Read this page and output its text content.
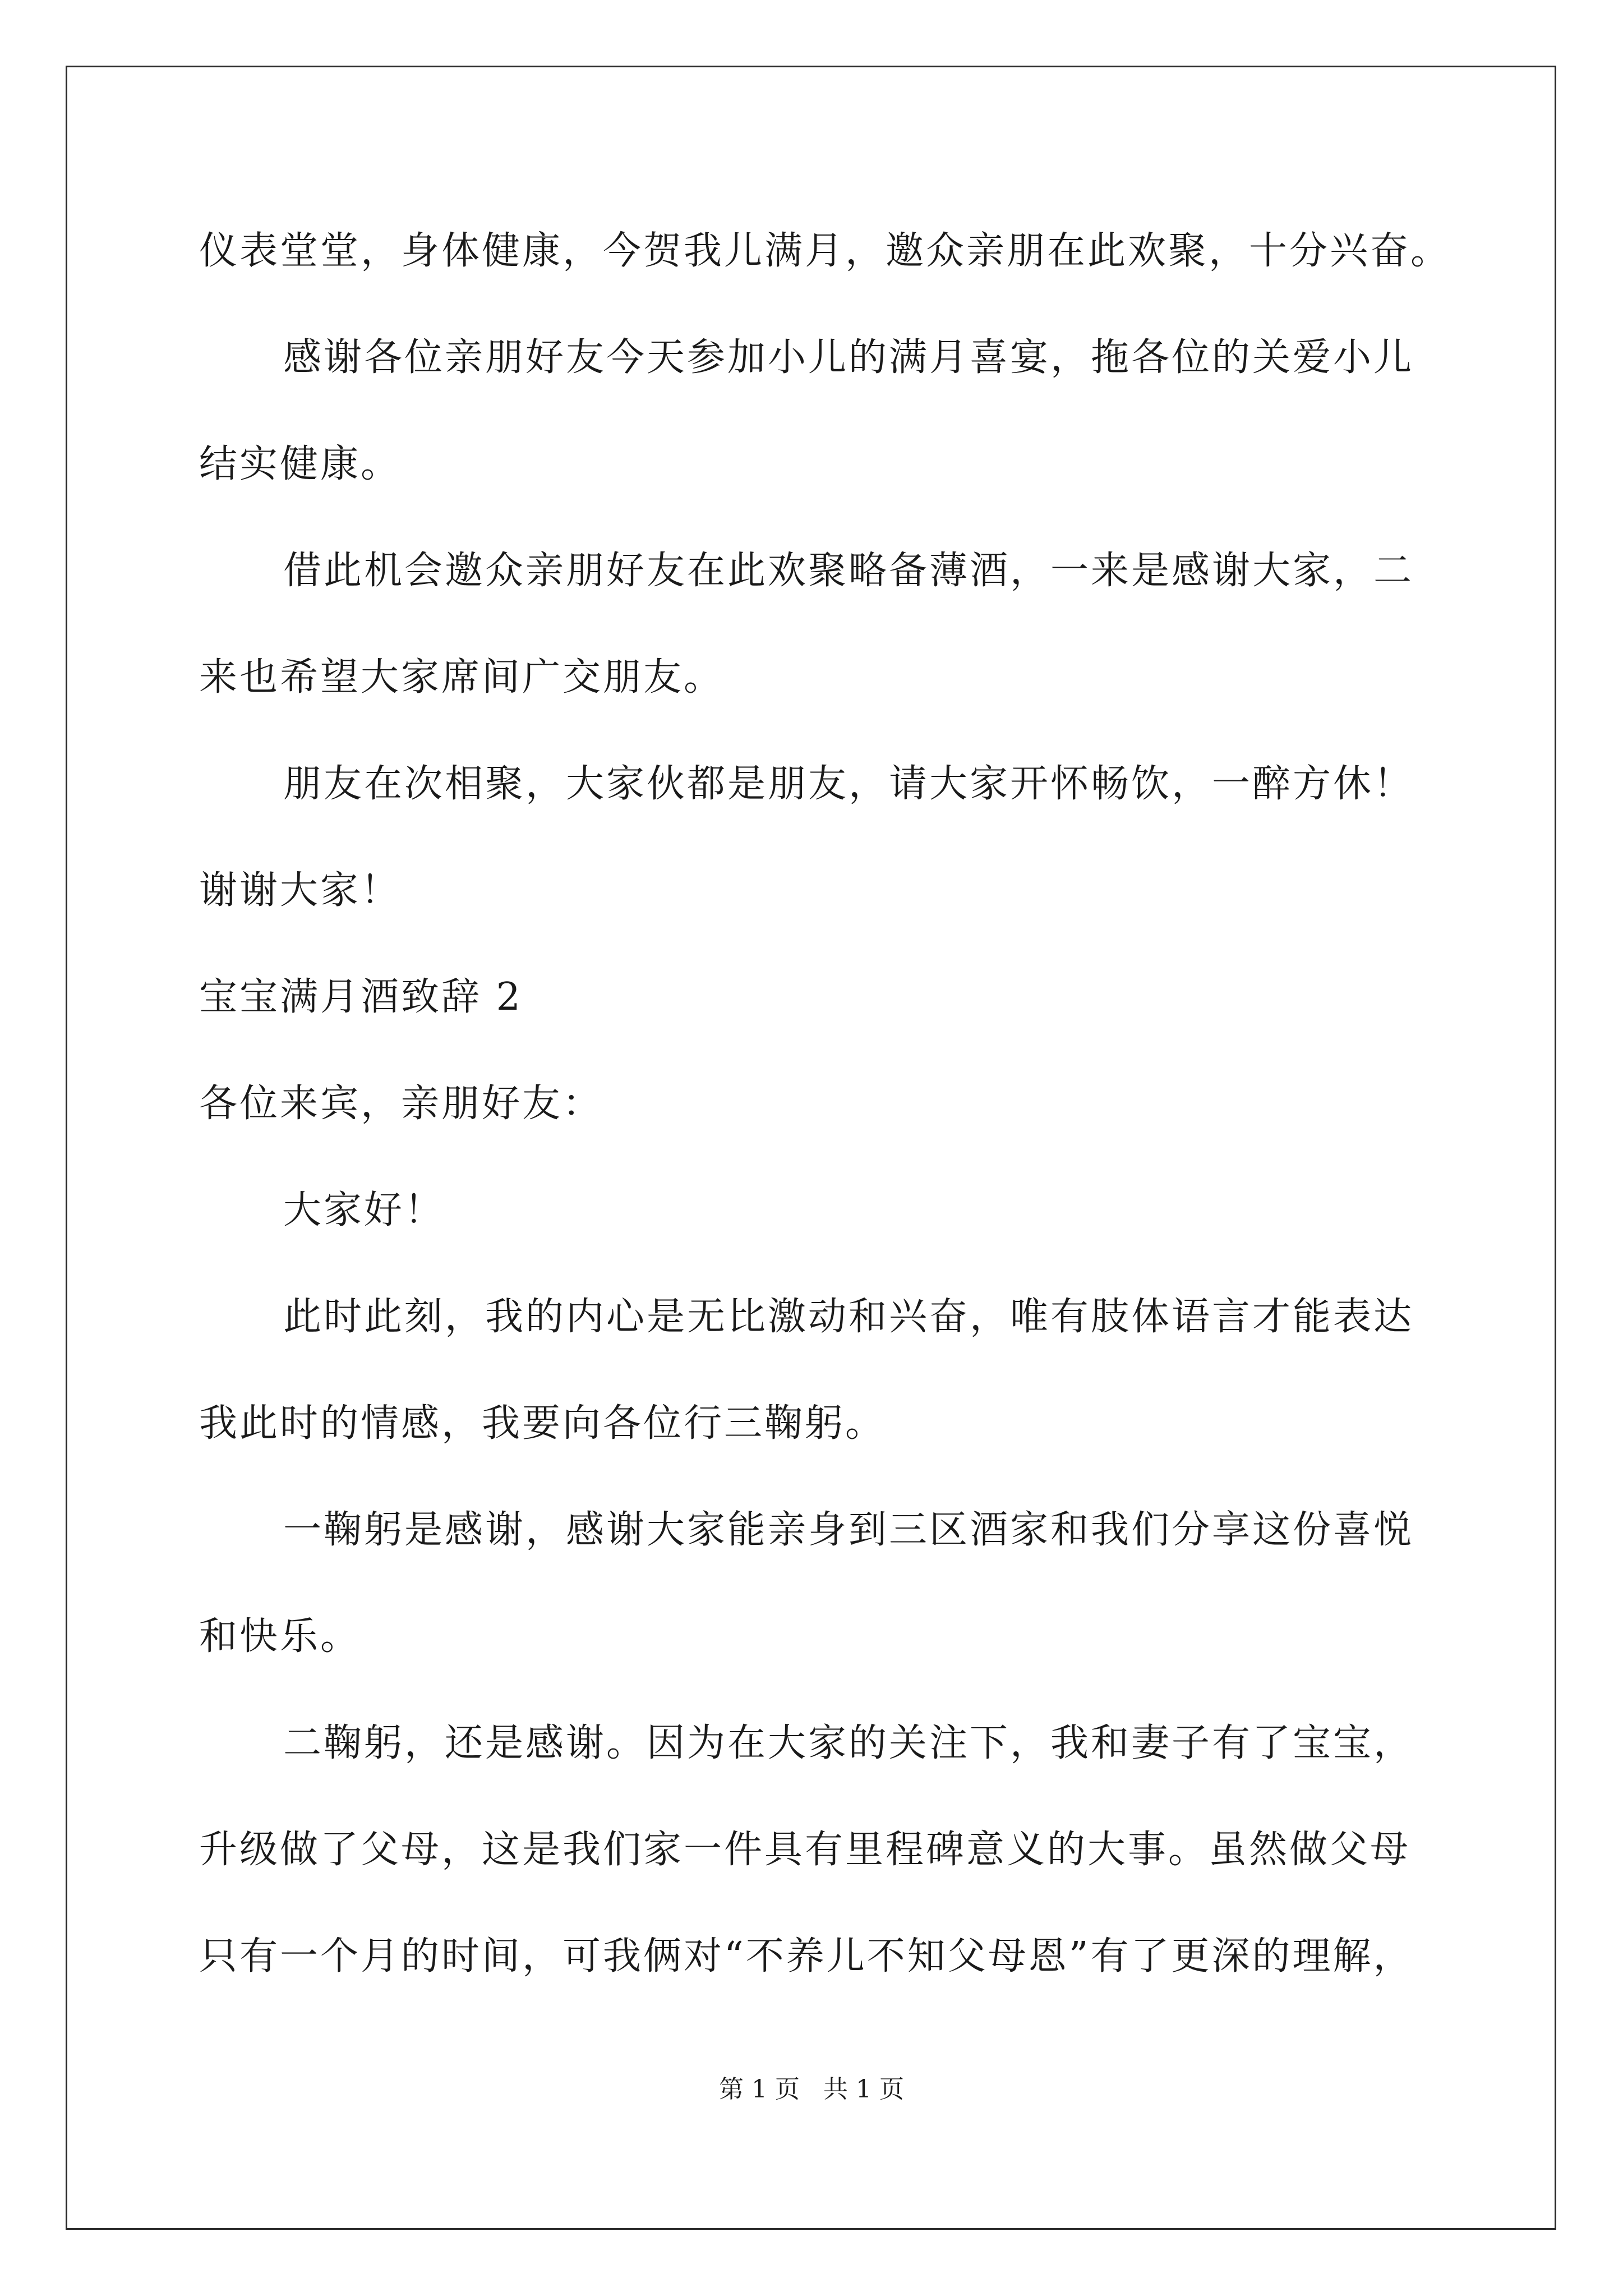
仪表堂堂，身体健康，今贺我儿满月，邀众亲朋在此欢聚，十分兴奋。
感谢各位亲朋好友今天参加小儿的满月喜宴，拖各位的关爱小儿
结实健康。
借此机会邀众亲朋好友在此欢聚略备薄酒，一来是感谢大家，二
来也希望大家席间广交朋友。
朋友在次相聚，大家伙都是朋友，请大家开怀畅饮，一醉方休！
谢谢大家！
宝宝满月酒致辞 2
各位来宾，亲朋好友：
大家好！
此时此刻，我的内心是无比激动和兴奋，唯有肢体语言才能表达
我此时的情感，我要向各位行三鞠躬。
一鞠躬是感谢，感谢大家能亲身到三区酒家和我们分享这份喜悦
和快乐。
二鞠躬，还是感谢。因为在大家的关注下，我和妻子有了宝宝，
升级做了父母，这是我们家一件具有里程碑意义的大事。虽然做父母
只有一个月的时间，可我俩对“不养儿不知父母恩”有了更深的理解，
第 1 页 共 1 页
